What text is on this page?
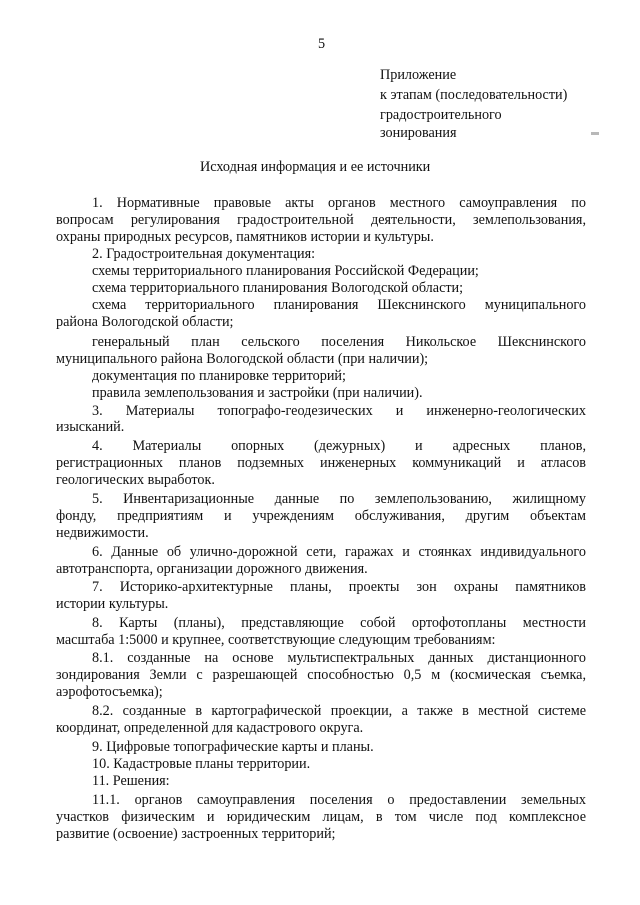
5
Приложение
к этапам (последовательности)
градостроительного
зонирования
Исходная информация и ее источники
1. Нормативные правовые акты органов местного самоуправления по
вопросам регулирования градостроительной деятельности, землепользования,
охраны природных ресурсов, памятников истории и культуры.
2. Градостроительная документация:
схемы территориального планирования Российской Федерации;
схема территориального планирования Вологодской области;
схема территориального планирования Шекснинского муниципального
района Вологодской области;
генеральный план сельского поселения Никольское Шекснинского
муниципального района Вологодской области (при наличии);
документация по планировке территорий;
правила землепользования и застройки (при наличии).
3. Материалы топографо-геодезических и инженерно-геологических
изысканий.
4. Материалы опорных (дежурных) и адресных планов,
регистрационных планов подземных инженерных коммуникаций и атласов
геологических выработок.
5. Инвентаризационные данные по землепользованию, жилищному
фонду, предприятиям и учреждениям обслуживания, другим объектам
недвижимости.
6. Данные об улично-дорожной сети, гаражах и стоянках индивидуального
автотранспорта, организации дорожного движения.
7. Историко-архитектурные планы, проекты зон охраны памятников
истории культуры.
8. Карты (планы), представляющие собой ортофотопланы местности
масштаба 1:5000 и крупнее, соответствующие следующим требованиям:
8.1. созданные на основе мультиспектральных данных дистанционного
зондирования Земли с разрешающей способностью 0,5 м (космическая съемка,
аэрофотосъемка);
8.2. созданные в картографической проекции, а также в местной системе
координат, определенной для кадастрового округа.
9. Цифровые топографические карты и планы.
10. Кадастровые планы территории.
11. Решения:
11.1. органов самоуправления поселения о предоставлении земельных
участков физическим и юридическим лицам, в том числе под комплексное
развитие (освоение) застроенных территорий;
